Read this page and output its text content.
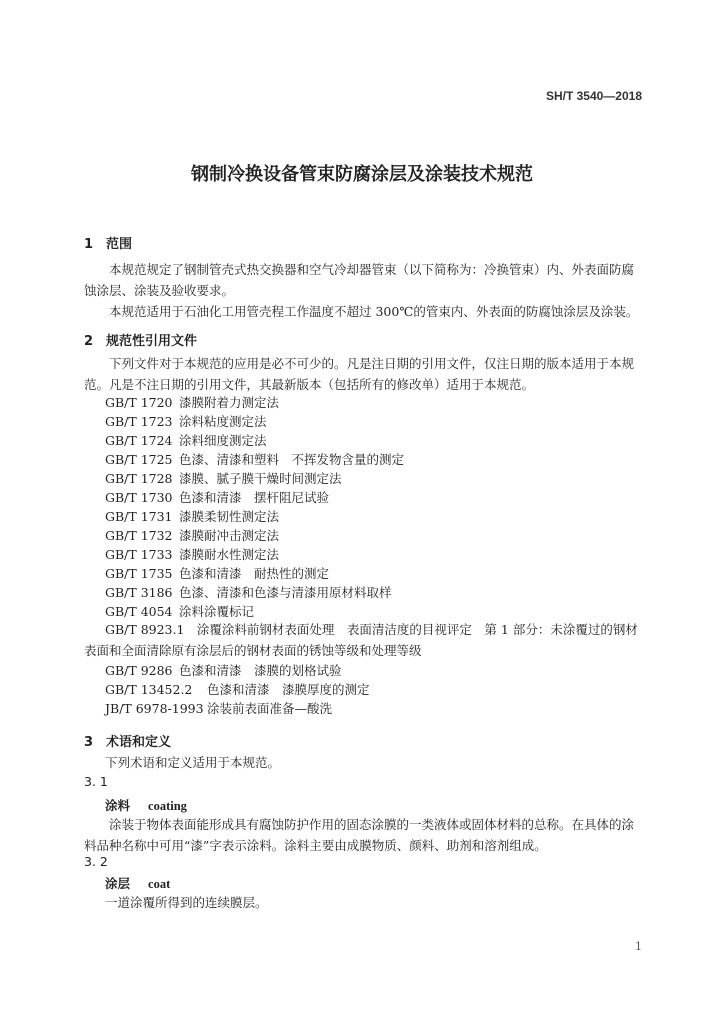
SH/T 3540—2018
钢制冷换设备管束防腐涂层及涂装技术规范
1 范围
本规范规定了钢制管壳式热交换器和空气冷却器管束（以下简称为：冷换管束）内、外表面防腐蚀涂层、涂装及验收要求。
本规范适用于石油化工用管壳程工作温度不超过 300℃的管束内、外表面的防腐蚀涂层及涂装。
2 规范性引用文件
下列文件对于本规范的应用是必不可少的。凡是注日期的引用文件，仅注日期的版本适用于本规范。凡是不注日期的引用文件，其最新版本（包括所有的修改单）适用于本规范。
GB/T 1720 漆膜附着力测定法
GB/T 1723 涂料粘度测定法
GB/T 1724 涂料细度测定法
GB/T 1725 色漆、清漆和塑料　不挥发物含量的测定
GB/T 1728 漆膜、腻子膜干燥时间测定法
GB/T 1730 色漆和清漆　摆杆阻尼试验
GB/T 1731 漆膜柔韧性测定法
GB/T 1732 漆膜耐冲击测定法
GB/T 1733 漆膜耐水性测定法
GB/T 1735 色漆和清漆　耐热性的测定
GB/T 3186 色漆、清漆和色漆与清漆用原材料取样
GB/T 4054 涂料涂覆标记
GB/T 8923.1　涂覆涂料前钢材表面处理　表面清洁度的目视评定　第 1 部分：未涂覆过的钢材表面和全面清除原有涂层后的钢材表面的锈蚀等级和处理等级
GB/T 9286 色漆和清漆　漆膜的划格试验
GB/T 13452.2 色漆和清漆　漆膜厚度的测定
JB/T 6978-1993 涂装前表面准备—酸洗
3 术语和定义
下列术语和定义适用于本规范。
3. 1
涂料 coating
涂装于物体表面能形成具有腐蚀防护作用的固态涂膜的一类液体或固体材料的总称。在具体的涂料品种名称中可用“漆”字表示涂料。涂料主要由成膜物质、颜料、助剂和溶剂组成。
3. 2
涂层 coat
一道涂覆所得到的连续膜层。
1
